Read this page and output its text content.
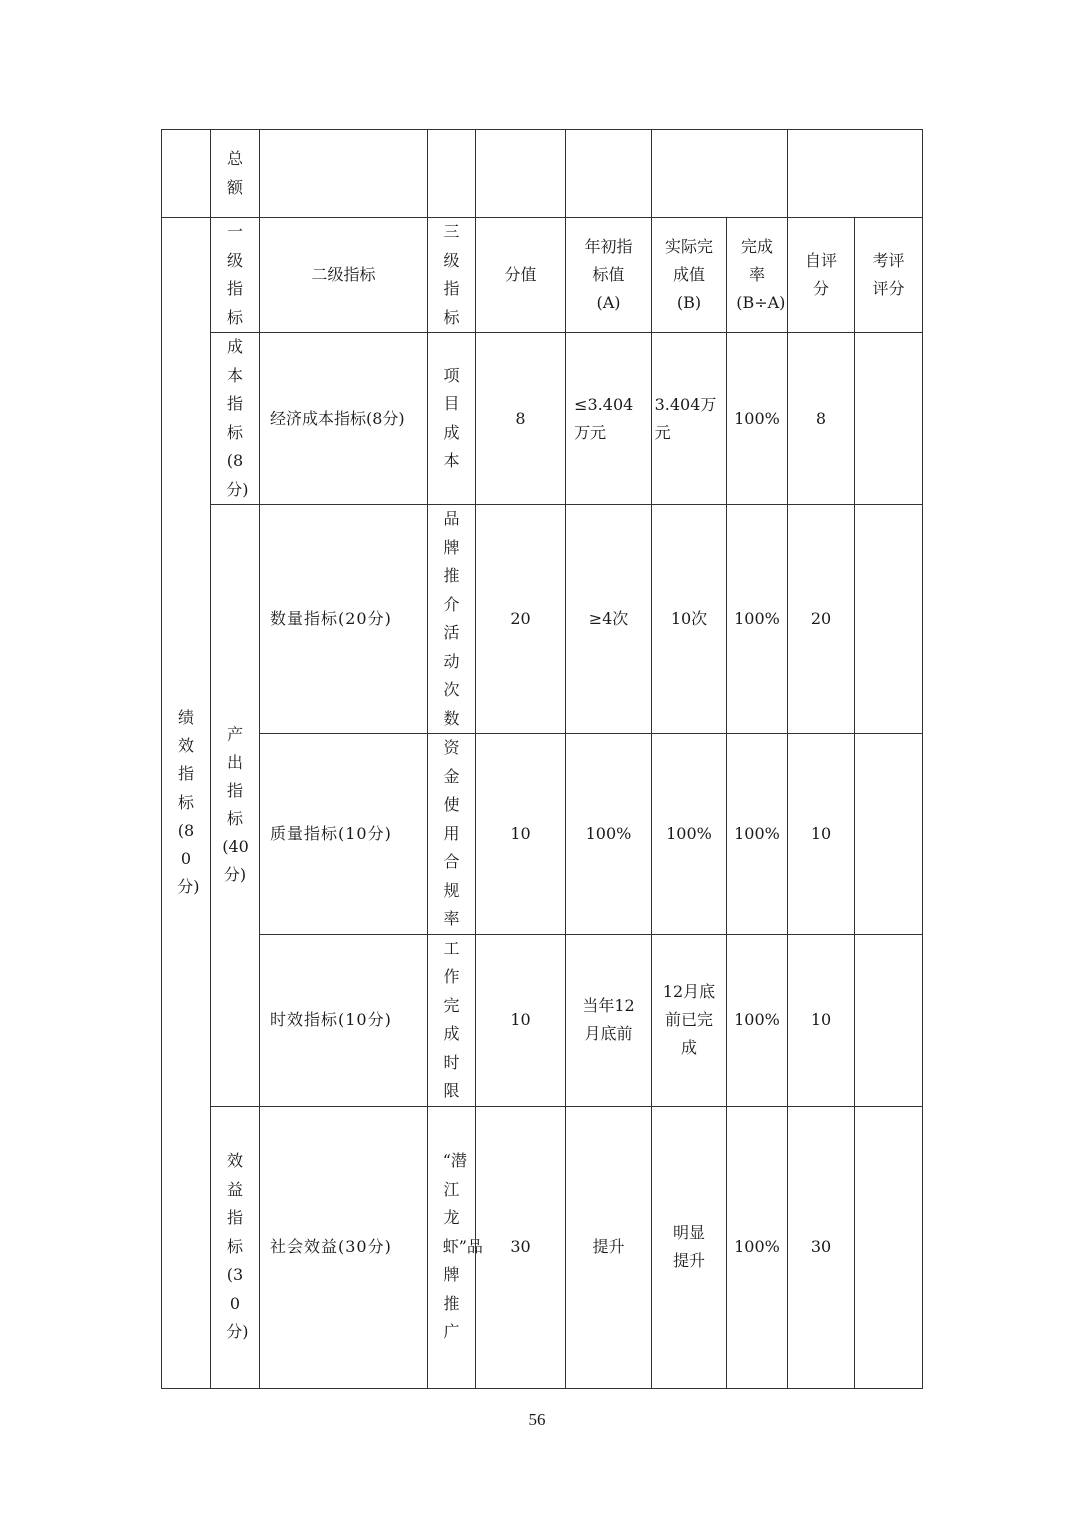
	总额								
绩效指标(80分)	一级指标	二级指标	三级指标	分值	年初指标值(A)	实际完成值(B)	完成率(B÷A)	自评分	考评评分
	成本指标(8分)	经济成本指标(8分)	项目成本	8	≤3.404万元	3.404万元	100%	8	
	产出指标(40分)	数量指标(20分)	品牌推介活动次数	20	≥4次	10次	100%	20	
		质量指标(10分)	资金使用合规率	10	100%	100%	100%	10	
		时效指标(10分)	工作完成时限	10	当年12月底前	12月底前已完成	100%	10	
	效益指标(30分)	社会效益(30分)	“潜江龙虾”品牌推广	30	提升	明显提升	100%	30	
56
